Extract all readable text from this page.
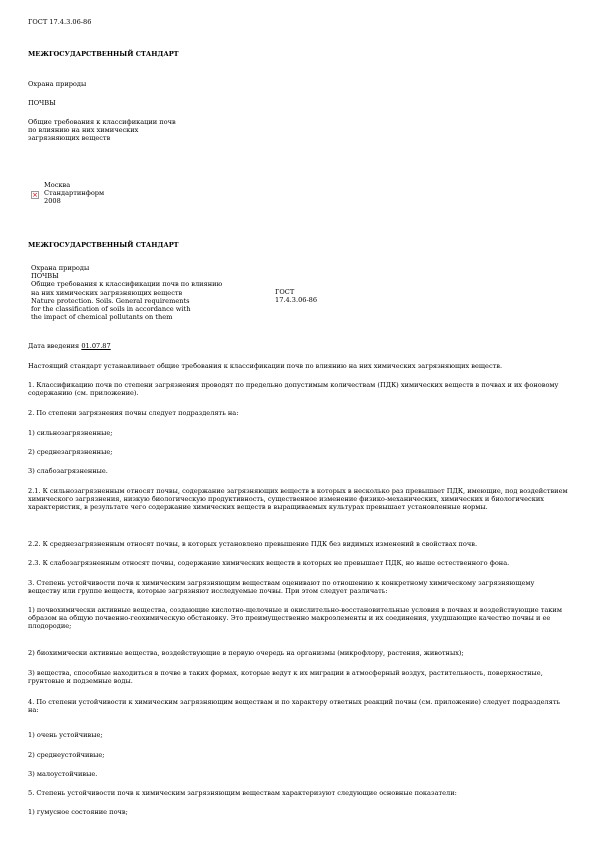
ГОСТ 17.4.3.06-86
МЕЖГОСУДАРСТВЕННЫЙ СТАНДАРТ
Охрана природы
ПОЧВЫ
Общие требования к классификации почв
по влиянию на них химических
загрязняющих веществ
×
Москва
Стандартинформ
2008
МЕЖГОСУДАРСТВЕННЫЙ СТАНДАРТ
Охрана природы
ПОЧВЫ
Общие требования к классификации почв по влиянию
на них химических загрязняющих веществ
Nature protection. Soils. General requirements
for the classification of soils in accordance with
the impact of chemical pollutants on them
ГОСТ
17.4.3.06-86
Дата введения 01.07.87

Настоящий стандарт устанавливает общие требования к классификации почв по влиянию на них химических загрязняющих веществ.

1. Классификацию почв по степени загрязнения проводят по предельно допустимым количествам (ПДК) химических веществ в почвах и их фоновому содержанию (см. приложение).

2. По степени загрязнения почвы следует подразделять на:

1) сильнозагрязненные;

2) среднезагрязненные;

3) слабозагрязненные.

2.1. К сильнозагрязненным относят почвы, содержание загрязняющих веществ в которых в несколько раз превышает ПДК, имеющие, под воздействием химического загрязнения, низкую биологическую продуктивность, существенное изменение физико-механических, химических и биологических характеристик, в результате чего содержание химических веществ в выращиваемых культурах превышает установленные нормы.

2.2. К среднезагрязненным относят почвы, в которых установлено превышение ПДК без видимых изменений в свойствах почв.

2.3. К слабозагрязненным относят почвы, содержание химических веществ в которых не превышает ПДК, но выше естественного фона.

3. Степень устойчивости почв к химическим загрязняющим веществам оценивают по отношению к конкретному химическому загрязняющему веществу или группе веществ, которые загрязняют исследуемые почвы. При этом следует различать:

1) почвохимически активные вещества, создающие кислотно-щелочные и окислительно-восстановительные условия в почвах и воздействующие таким образом на общую почвенно-геохимическую обстановку. Это преимущественно макроэлементы и их соединения, ухудшающие качество почвы и ее плодородие;

2) биохимически активные вещества, воздействующие в первую очередь на организмы (микрофлору, растения, животных);

3) вещества, способные находиться в почве в таких формах, которые ведут к их миграции в атмосферный воздух, растительность, поверхностные, грунтовые и подземные воды.

4. По степени устойчивости к химическим загрязняющим веществам и по характеру ответных реакций почвы (см. приложение) следует подразделять на:

1) очень устойчивые;

2) среднеустойчивые;

3) малоустойчивые.

5. Степень устойчивости почв к химическим загрязняющим веществам характеризуют следующие основные показатели:

1) гумусное состояние почв;
